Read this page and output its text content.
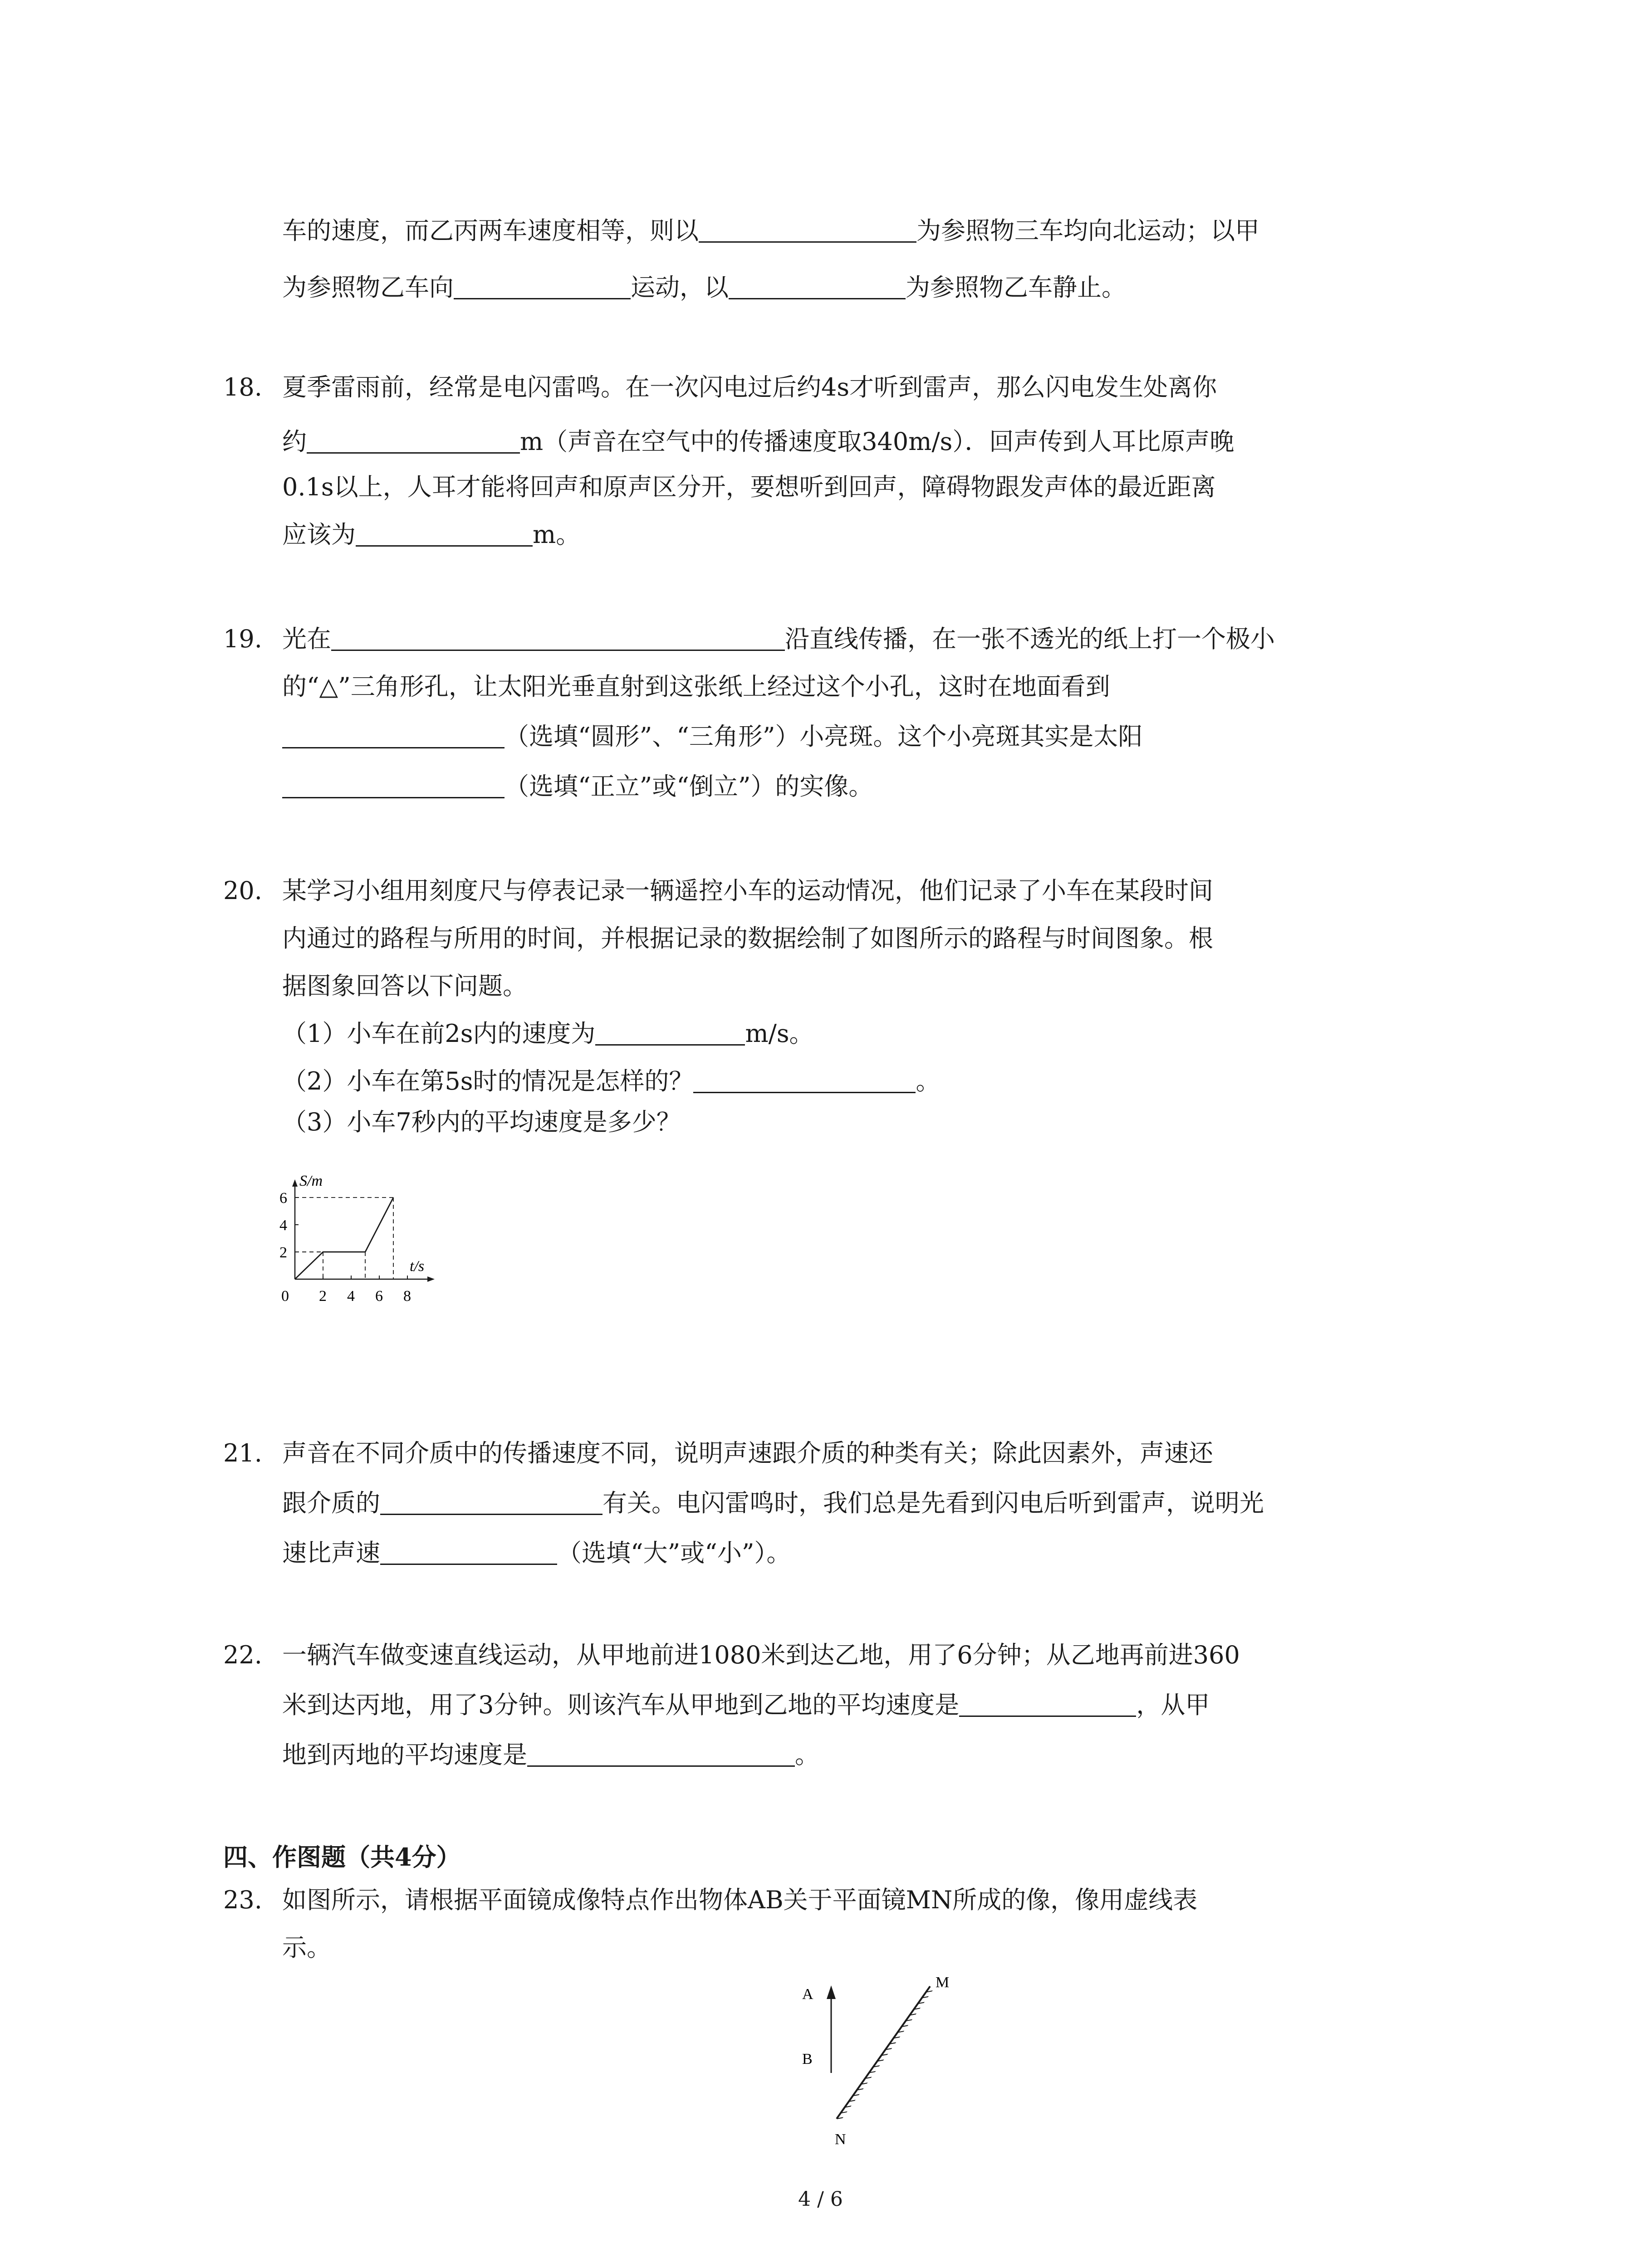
车的速度，而乙丙两车速度相等，则以	为参照物三车均向北运动；以甲
为参照物乙车向	运动，以	为参照物乙车静止。
18. 夏季雷雨前，经常是电闪雷鸣。在一次闪电过后约4s才听到雷声，那么闪电发生处离你
约	m（声音在空气中的传播速度取340m/s）．回声传到人耳比原声晚
0.1s以上，人耳才能将回声和原声区分开，要想听到回声，障碍物跟发声体的最近距离
应该为	m。
19. 光在	沿直线传播，在一张不透光的纸上打一个极小
的“△”三角形孔，让太阳光垂直射到这张纸上经过这个小孔，这时在地面看到
（选填“圆形”、“三角形”）小亮斑。这个小亮斑其实是太阳
（选填“正立”或“倒立”）的实像。
20. 某学习小组用刻度尺与停表记录一辆遥控小车的运动情况，他们记录了小车在某段时间
内通过的路程与所用的时间，并根据记录的数据绘制了如图所示的路程与时间图象。根
据图象回答以下问题。
（1）小车在前2s内的速度为	m/s。
（2）小车在第5s时的情况是怎样的？	。
（3）小车7秒内的平均速度是多少？
2 4 6 8
2
4
6
S/m
t/s
0
21. 声音在不同介质中的传播速度不同，说明声速跟介质的种类有关；除此因素外，声速还
跟介质的	有关。电闪雷鸣时，我们总是先看到闪电后听到雷声，说明光
速比声速	（选填“大”或“小”）。
22. 一辆汽车做变速直线运动，从甲地前进1080米到达乙地，用了6分钟；从乙地再前进360
米到达丙地，用了3分钟。则该汽车从甲地到乙地的平均速度是	，从甲
地到丙地的平均速度是	。
四、作图题（共4分）
23. 如图所示，请根据平面镜成像特点作出物体AB关于平面镜MN所成的像，像用虚线表
示。
A
B
M
N
4 / 6
